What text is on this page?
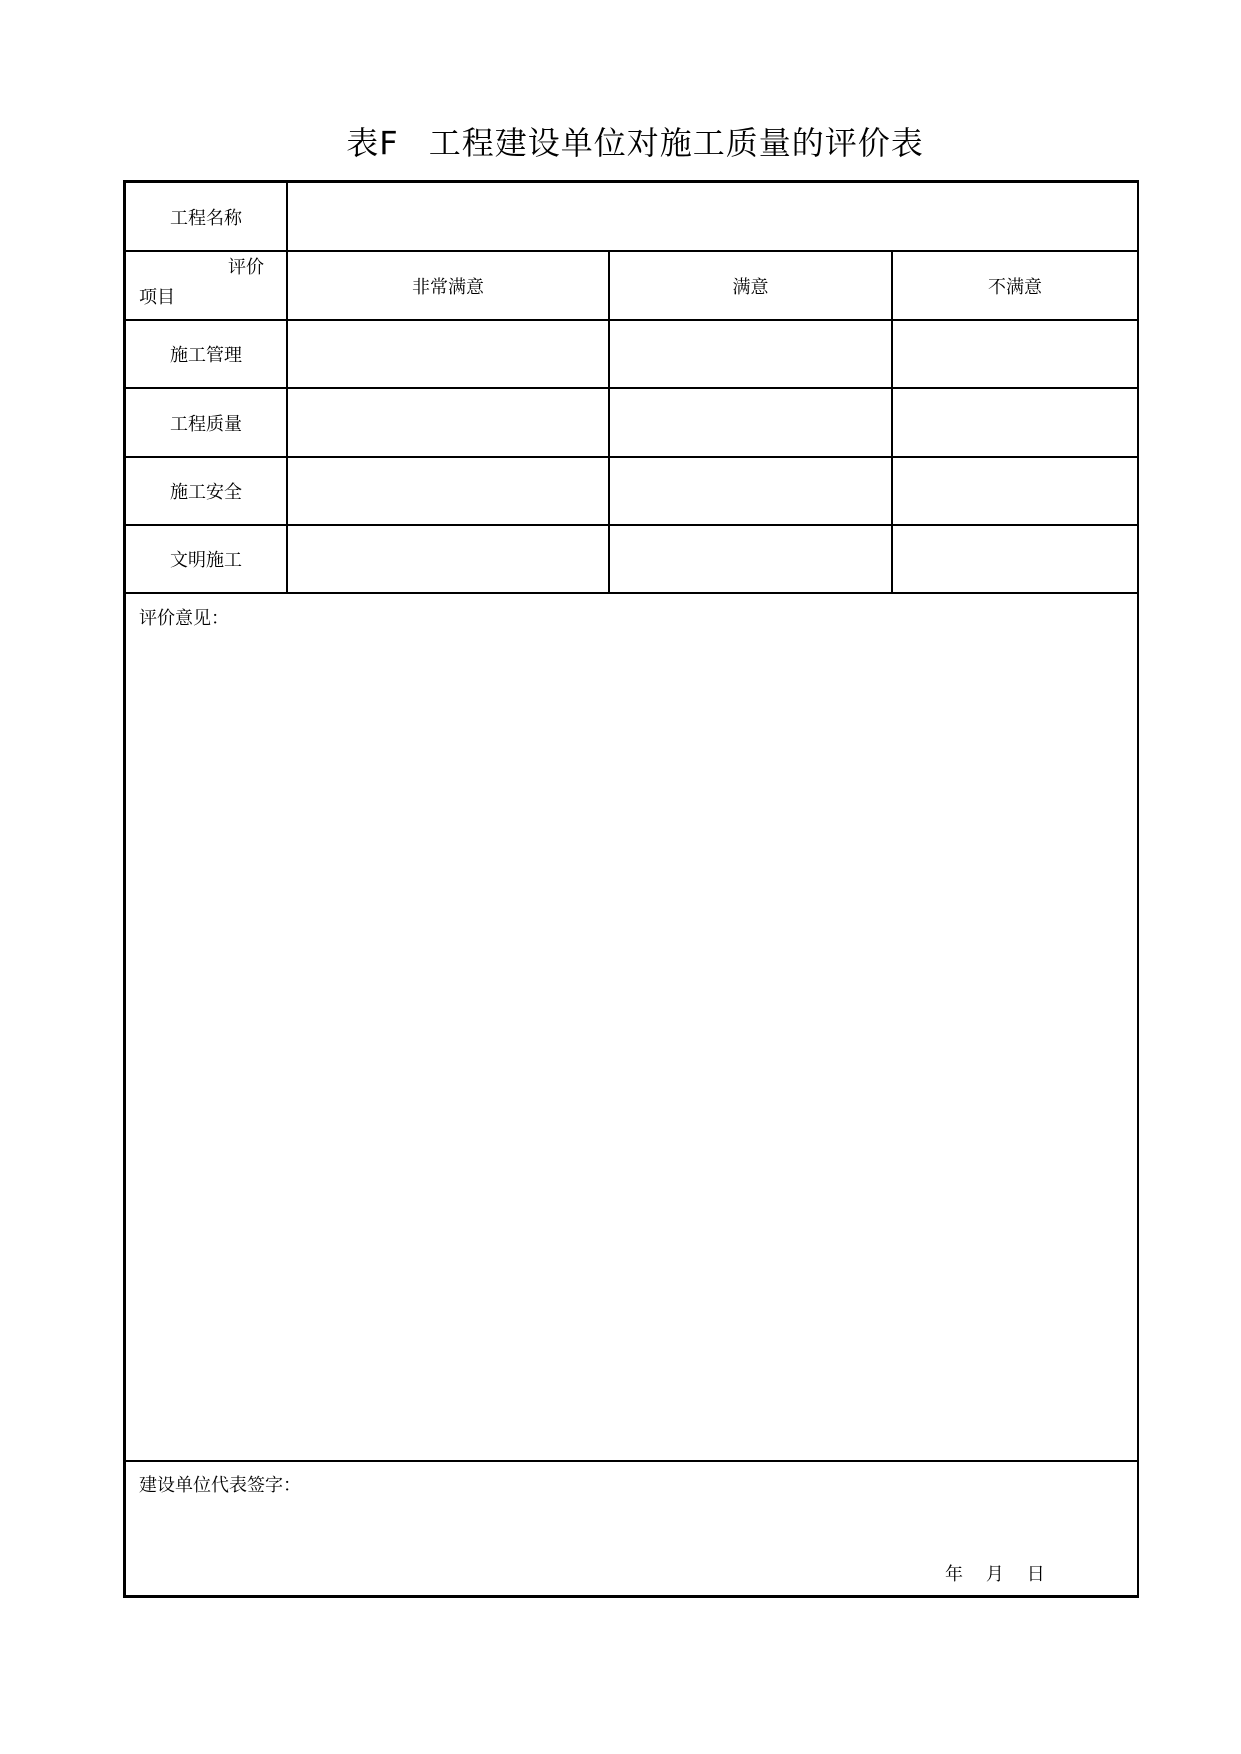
表F 工程建设单位对施工质量的评价表
工程名称
评价
项目	非常满意	满意	不满意
施工管理
工程质量
施工安全
文明施工
评价意见：
建设单位代表签字：
年 月 日
